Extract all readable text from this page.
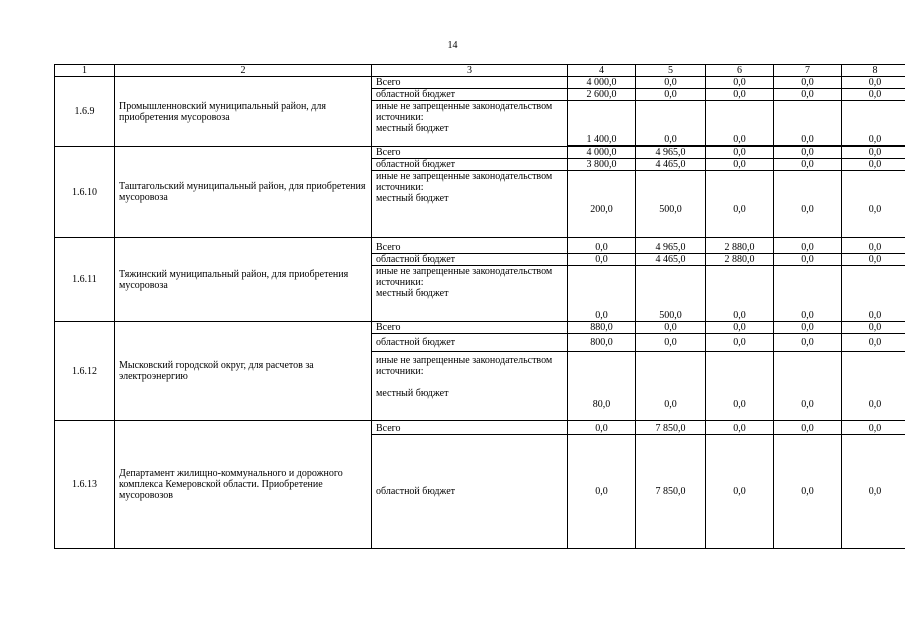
14
1	2	3	4	5	6	7	8
1.6.9	Промышленновский муниципальный район, для приобретения мусоровоза	Всего	4 000,0	0,0	0,0	0,0	0,0
		областной бюджет	2 600,0	0,0	0,0	0,0	0,0

		иные не запрещенные законодательством источники:
местный бюджет	1 400,0	0,0	0,0	0,0	0,0

1.6.10	Таштагольский муниципальный район, для приобретения мусоровоза	Всего	4 000,0	4 965,0	0,0	0,0	0,0
		областной бюджет	3 800,0	4 465,0	0,0	0,0	0,0

		иные не запрещенные законодательством источники:
местный бюджет	200,0	500,0	0,0	0,0	0,0
1.6.11	Тяжинский муниципальный район, для приобретения мусоровоза	Всего	0,0	4 965,0	2 880,0	0,0	0,0
		областной бюджет	0,0	4 465,0	2 880,0	0,0	0,0

		иные не запрещенные законодательством источники:
местный бюджет	0,0	500,0	0,0	0,0	0,0
1.6.12	Мысковский городской округ, для расчетов за электроэнергию	Всего	880,0	0,0	0,0	0,0	0,0
		областной бюджет	800,0	0,0	0,0	0,0	0,0

		иные не запрещенные законодательством источники:
местный бюджет	80,0	0,0	0,0	0,0	0,0
1.6.13	Департамент жилищно-коммунального и дорожного комплекса Кемеровской области. Приобретение мусоровозов	Всего	0,0	7 850,0	0,0	0,0	0,0
		областной бюджет	0,0	7 850,0	0,0	0,0	0,0
